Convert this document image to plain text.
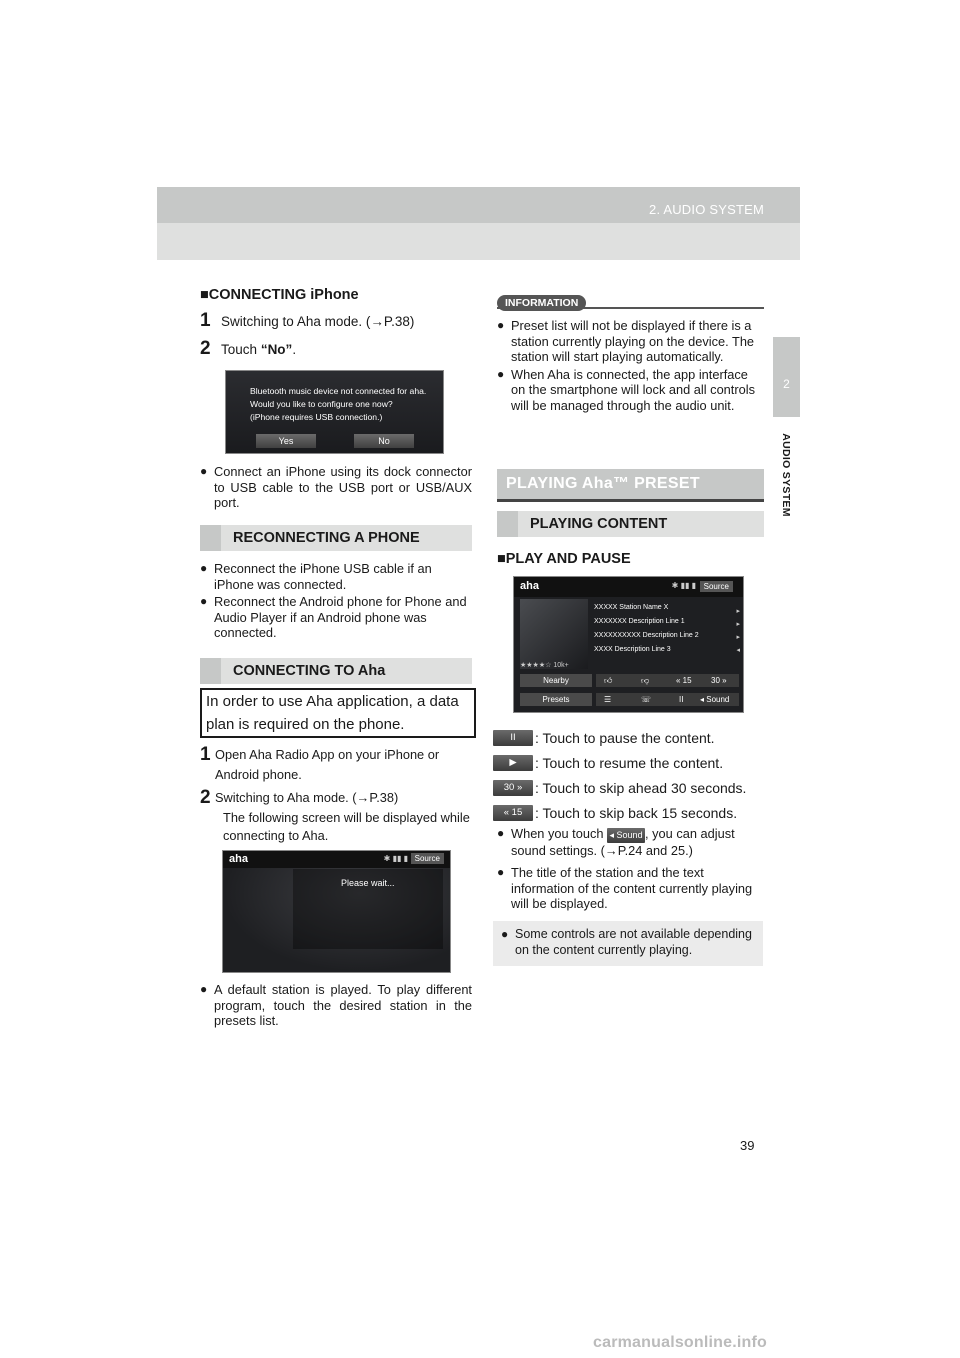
2. AUDIO SYSTEM
2
AUDIO SYSTEM
■CONNECTING iPhone
1 Switching to Aha mode. (→P.38)
2 Touch “No”.
Bluetooth music device not connected for aha.
Would you like to configure one now?
(iPhone requires USB connection.)
Yes	No
● Connect an iPhone using its dock connector to USB cable to the USB port or USB/AUX port.
RECONNECTING A PHONE
● Reconnect the iPhone USB cable if an iPhone was connected.
● Reconnect the Android phone for Phone and Audio Player if an Android phone was connected.
CONNECTING TO Aha
In order to use Aha application, a data plan is required on the phone.
1 Open Aha Radio App on your iPhone or Android phone.
2 Switching to Aha mode. (→P.38)
The following screen will be displayed while connecting to Aha.
aha	Source
✱ ▮▮ ▮
Please wait...
● A default station is played. To play different program, touch the desired station in the presets list.
INFORMATION
● Preset list will not be displayed if there is a station currently playing on the device. The station will start playing automatically.
● When Aha is connected, the app interface on the smartphone will lock and all controls will be managed through the audio unit.
PLAYING Aha™ PRESET
PLAYING CONTENT
■PLAY AND PAUSE
aha	Source
✱ ▮▮ ▮
★★★★☆ 10k+
XXXXX Station Name X
XXXXXXX Description Line 1
XXXXXXXXXX Description Line 2
XXXX Description Line 3
▸
▸
▸
◂
Nearby	👍︎	👎︎	« 15 30 »
Presets	☰	☏	II ◂ Sound
II	: Touch to pause the content.
▶	: Touch to resume the content.
30 » : Touch to skip ahead 30 seconds.
« 15 : Touch to skip back 15 seconds.
● When you touch ◂ Sound , you can adjust sound settings. (→P.24 and 25.)
● The title of the station and the text information of the content currently playing will be displayed.
● Some controls are not available depending on the content currently playing.
39
carmanualsonline.info
